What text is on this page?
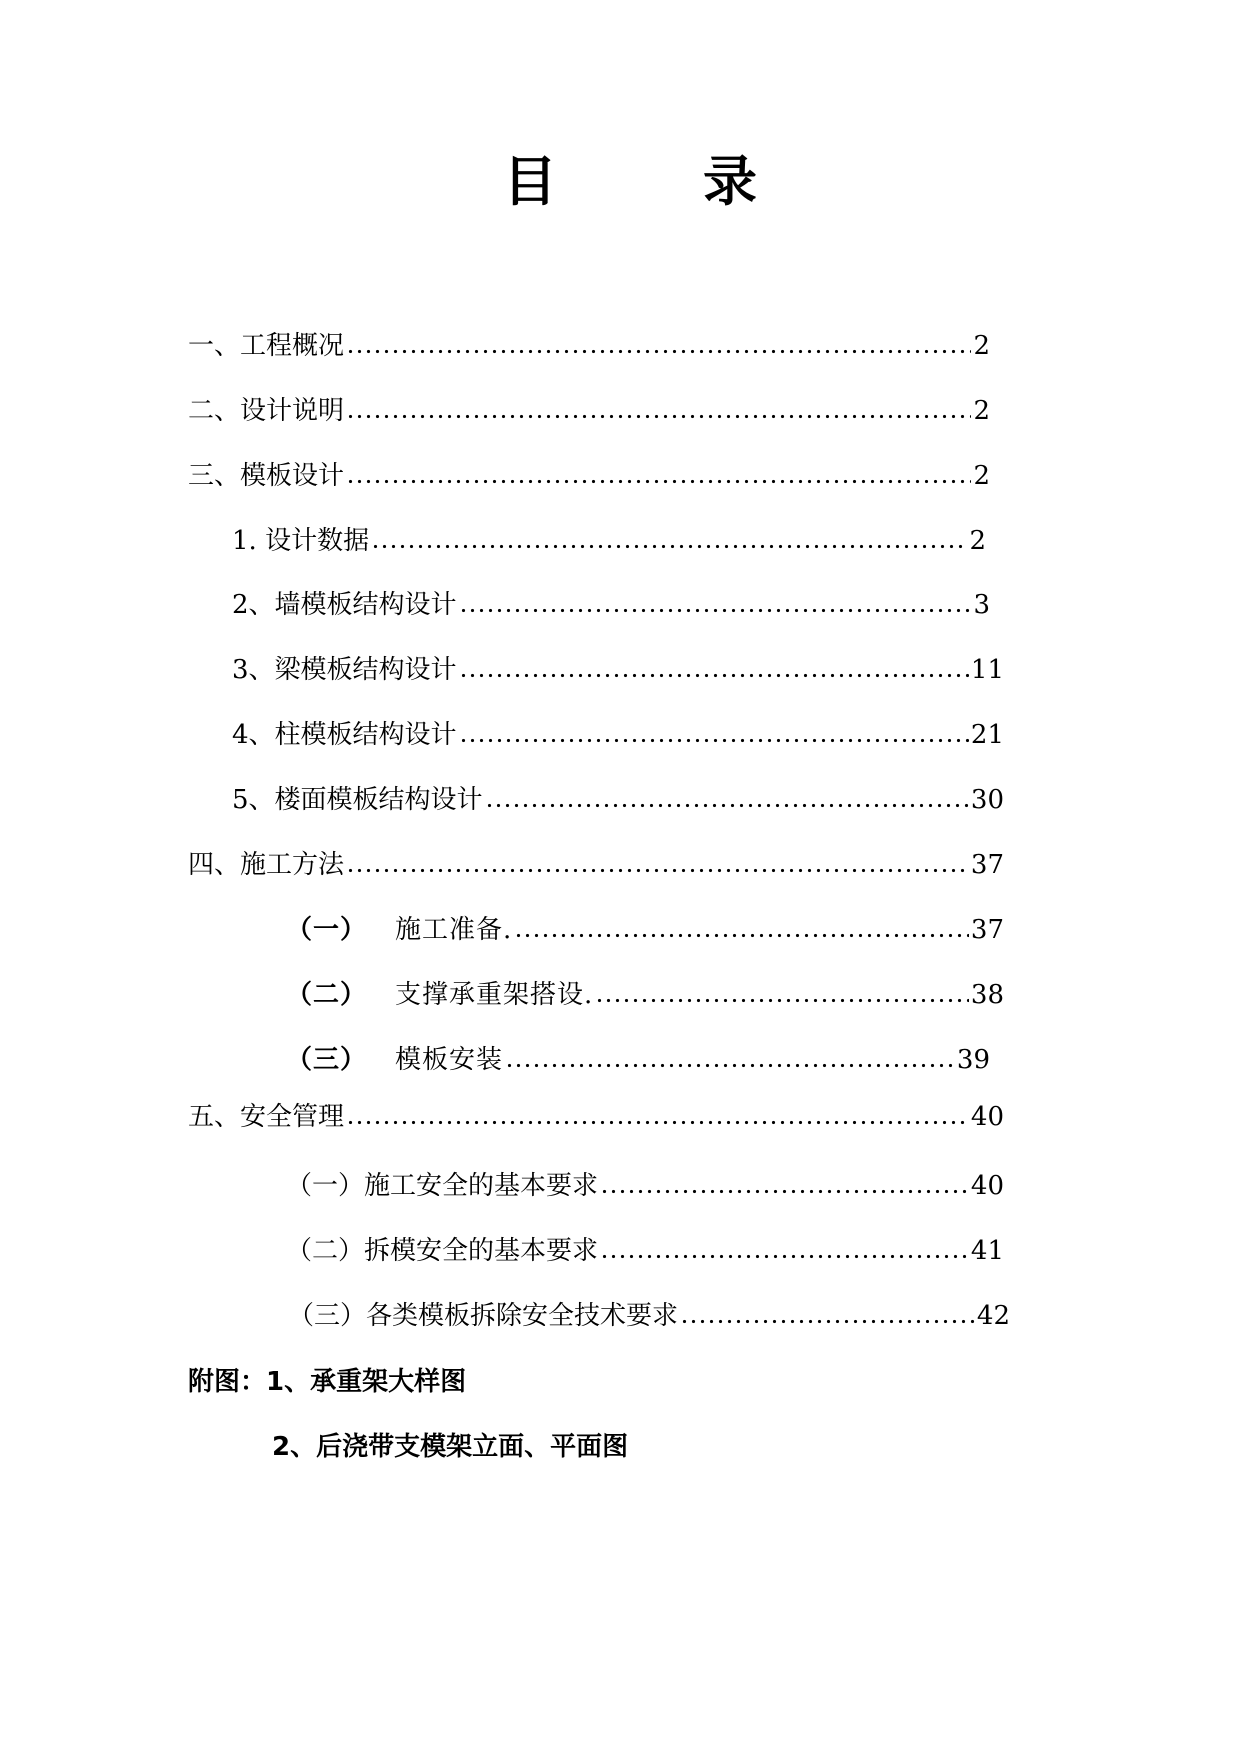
目	录
一、工程概况	2
二、设计说明	2
三、模板设计	2
1. 设计数据	2
2、墙模板结构设计	3
3、梁模板结构设计	11
4、柱模板结构设计	21
5、楼面模板结构设计	30
四、施工方法	37
（一） 施工准备.	37
（二） 支撑承重架搭设.	38
（三） 模板安装	39
五、安全管理	40
（一）施工安全的基本要求	40
（二）拆模安全的基本要求	41
（三）各类模板拆除安全技术要求	42
附图：1、承重架大样图
2、后浇带支模架立面、平面图
